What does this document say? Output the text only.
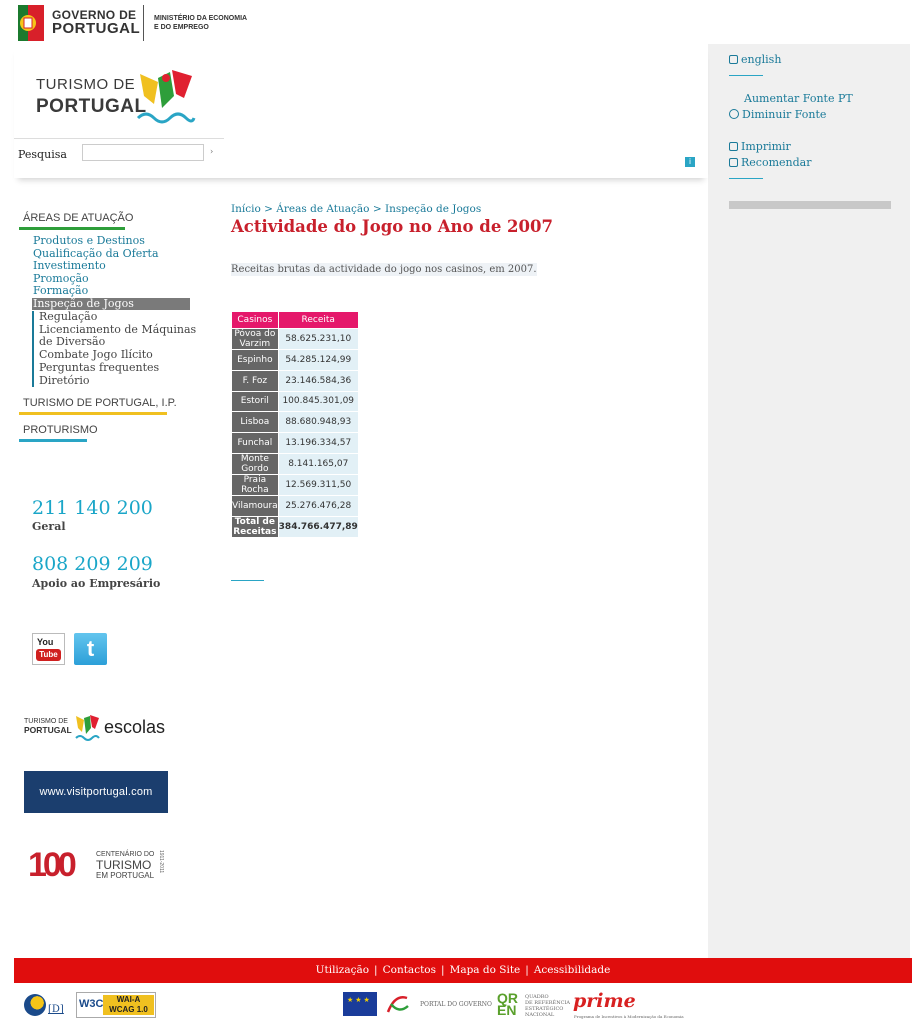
GOVERNO DE
PORTUGAL
MINISTÉRIO DA ECONOMIA
E DO EMPREGO
english
Aumentar Fonte PT
Diminuir Fonte
Imprimir
Recomendar
TURISMO DE
PORTUGAL
Pesquisa	›
i
ÁREAS DE ATUAÇÃO
Produtos e Destinos
Qualificação da Oferta
Investimento
Promoção
Formação
Inspeção de Jogos
Regulação
Licenciamento de Máquinas
de Diversão
Combate Jogo Ilícito
Perguntas frequentes
Diretório
TURISMO DE PORTUGAL, I.P.
PROTURISMO
211 140 200
Geral
808 209 209
Apoio ao Empresário
You
Tube	t
TURISMO DE
PORTUGAL escolas
www.visitportugal.com
100	CENTENÁRIO DO
TURISMO
EM PORTUGAL
1911-2011
Início > Áreas de Atuação > Inspeção de Jogos
Actividade do Jogo no Ano de 2007
Receitas brutas da actividade do jogo nos casinos, em 2007.
Casinos	Receita
Póvoa do Varzim	58.625.231,10
Espinho	54.285.124,99
F. Foz	23.146.584,36
Estoril	100.845.301,09
Lisboa	88.680.948,93
Funchal	13.196.334,57
Monte Gordo	8.141.165,07
Praia Rocha	12.569.311,50
Vilamoura	25.276.476,28
Total de Receitas	384.766.477,89
Utilização | Contactos | Mapa do Site | Acessibilidade
[D] W3C	WAI-A
WCAG 1.0
★★★
PORTAL DO GOVERNO QR
EN
QUADRO
DE REFERÊNCIA
ESTRATÉGICO
NACIONAL
prime
Programa de Incentivos à Modernização da Economia
